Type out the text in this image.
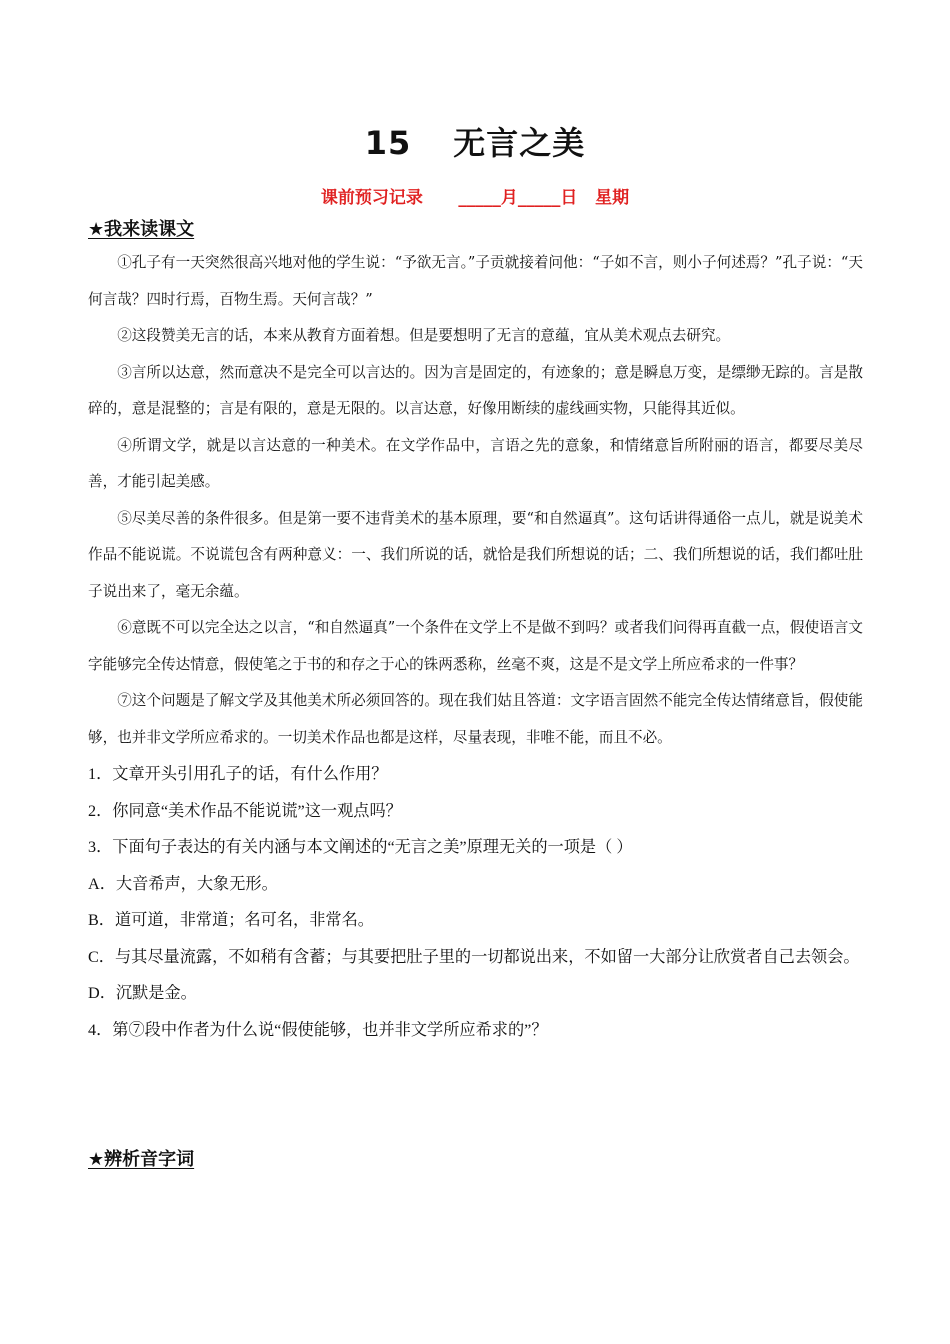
15 无言之美
课前预习记录      _____月_____日   星期
★我来读课文

①孔子有一天突然很高兴地对他的学生说：“予欲无言。”子贡就接着问他：“子如不言，则小子何述焉？”孔子说：“天何言哉？四时行焉，百物生焉。天何言哉？”

②这段赞美无言的话，本来从教育方面着想。但是要想明了无言的意蕴，宜从美术观点去研究。

③言所以达意，然而意决不是完全可以言达的。因为言是固定的，有迹象的；意是瞬息万变，是缥缈无踪的。言是散碎的，意是混整的；言是有限的，意是无限的。以言达意，好像用断续的虚线画实物，只能得其近似。

④所谓文学，就是以言达意的一种美术。在文学作品中，言语之先的意象，和情绪意旨所附丽的语言，都要尽美尽善，才能引起美感。

⑤尽美尽善的条件很多。但是第一要不违背美术的基本原理，要“和自然逼真”。这句话讲得通俗一点儿，就是说美术作品不能说谎。不说谎包含有两种意义：一、我们所说的话，就恰是我们所想说的话；二、我们所想说的话，我们都吐肚子说出来了，毫无余蕴。

⑥意既不可以完全达之以言，“和自然逼真”一个条件在文学上不是做不到吗？或者我们问得再直截一点，假使语言文字能够完全传达情意，假使笔之于书的和存之于心的铢两悉称，丝毫不爽，这是不是文学上所应希求的一件事？

⑦这个问题是了解文学及其他美术所必须回答的。现在我们姑且答道：文字语言固然不能完全传达情绪意旨，假使能够，也并非文学所应希求的。一切美术作品也都是这样，尽量表现，非唯不能，而且不必。

1．文章开头引用孔子的话，有什么作用？

2．你同意“美术作品不能说谎”这一观点吗？

3．下面句子表达的有关内涵与本文阐述的“无言之美”原理无关的一项是（ ）

A．大音希声，大象无形。

B．道可道，非常道；名可名，非常名。

C．与其尽量流露，不如稍有含蓄；与其要把肚子里的一切都说出来，不如留一大部分让欣赏者自己去领会。

D．沉默是金。

4．第⑦段中作者为什么说“假使能够，也并非文学所应希求的”？

★辨析音字词
